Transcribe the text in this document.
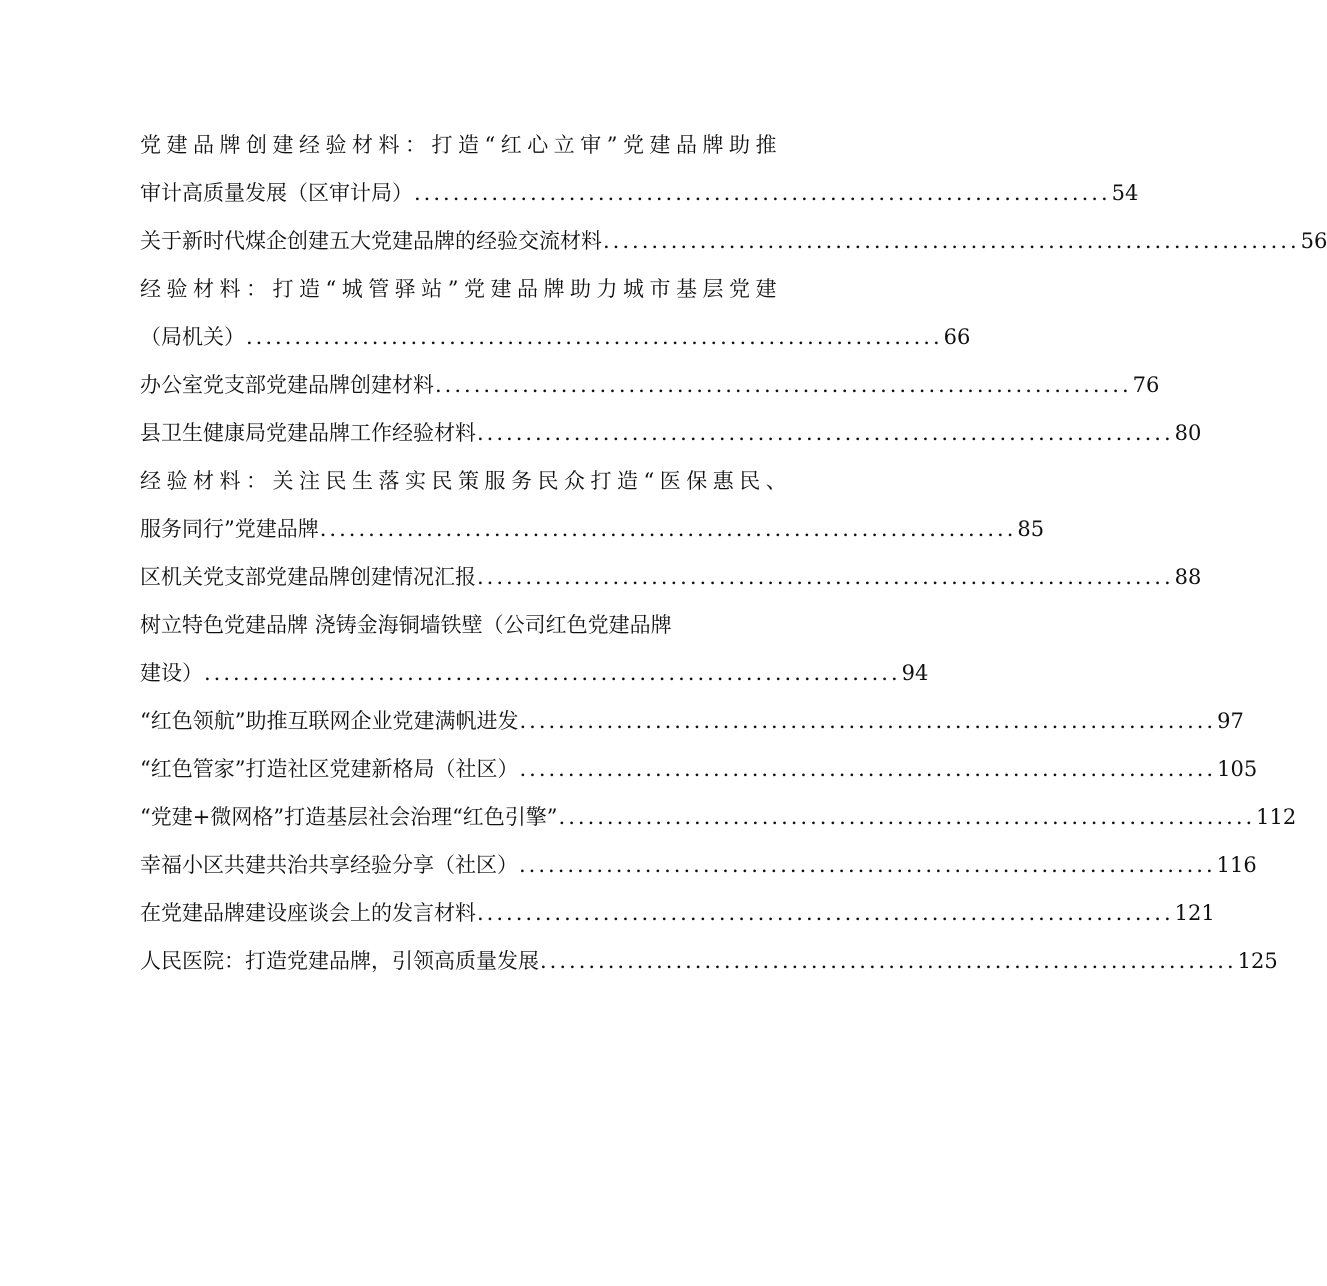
党建品牌创建经验材料：打造“红心立审”党建品牌助推
审计高质量发展（区审计局） ........................................................................ 54
关于新时代煤企创建五大党建品牌的经验交流材料 ........................................................................ 56
经验材料：打造“城管驿站”党建品牌助力城市基层党建
（局机关） ........................................................................ 66
办公室党支部党建品牌创建材料 ........................................................................ 76
县卫生健康局党建品牌工作经验材料 ........................................................................ 80
经验材料：关注民生落实民策服务民众打造“医保惠民、
服务同行”党建品牌 ........................................................................ 85
区机关党支部党建品牌创建情况汇报 ........................................................................ 88
树立特色党建品牌 浇铸金海铜墙铁壁（公司红色党建品牌
建设） ........................................................................ 94
“红色领航”助推互联网企业党建满帆进发 ........................................................................ 97
“红色管家”打造社区党建新格局（社区） ........................................................................ 105
“党建+微网格”打造基层社会治理“红色引擎” ........................................................................ 112
幸福小区共建共治共享经验分享（社区） ........................................................................ 116
在党建品牌建设座谈会上的发言材料 ........................................................................ 121
人民医院：打造党建品牌，引领高质量发展 ........................................................................ 125
